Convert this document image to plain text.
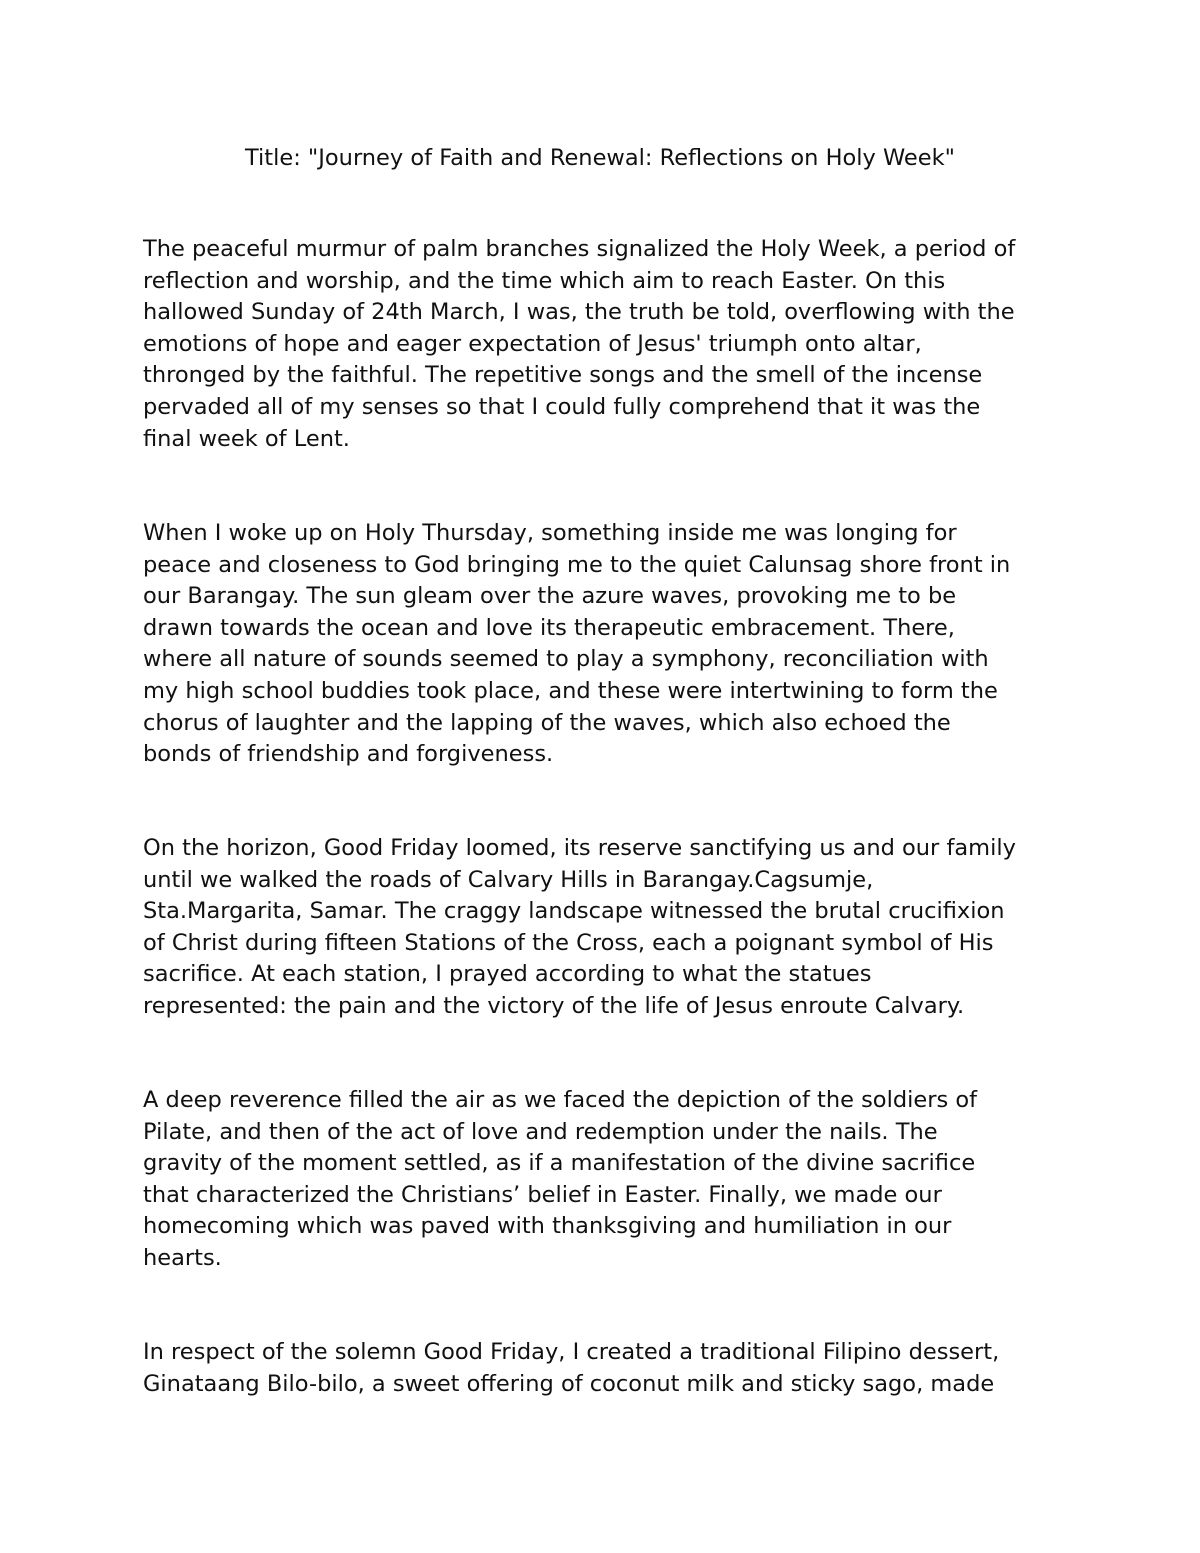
Title: "Journey of Faith and Renewal: Reflections on Holy Week"

The peaceful murmur of palm branches signalized the Holy Week, a period of
reflection and worship, and the time which aim to reach Easter. On this
hallowed Sunday of 24th March, I was, the truth be told, overflowing with the
emotions of hope and eager expectation of Jesus' triumph onto altar,
thronged by the faithful. The repetitive songs and the smell of the incense
pervaded all of my senses so that I could fully comprehend that it was the
final week of Lent.

When I woke up on Holy Thursday, something inside me was longing for
peace and closeness to God bringing me to the quiet Calunsag shore front in
our Barangay. The sun gleam over the azure waves, provoking me to be
drawn towards the ocean and love its therapeutic embracement. There,
where all nature of sounds seemed to play a symphony, reconciliation with
my high school buddies took place, and these were intertwining to form the
chorus of laughter and the lapping of the waves, which also echoed the
bonds of friendship and forgiveness.

On the horizon, Good Friday loomed, its reserve sanctifying us and our family
until we walked the roads of Calvary Hills in Barangay.Cagsumje,
Sta.Margarita, Samar. The craggy landscape witnessed the brutal crucifixion
of Christ during fifteen Stations of the Cross, each a poignant symbol of His
sacrifice. At each station, I prayed according to what the statues
represented: the pain and the victory of the life of Jesus enroute Calvary.

A deep reverence filled the air as we faced the depiction of the soldiers of
Pilate, and then of the act of love and redemption under the nails. The
gravity of the moment settled, as if a manifestation of the divine sacrifice
that characterized the Christians’ belief in Easter. Finally, we made our
homecoming which was paved with thanksgiving and humiliation in our
hearts.

In respect of the solemn Good Friday, I created a traditional Filipino dessert,
Ginataang Bilo-bilo, a sweet offering of coconut milk and sticky sago, made
